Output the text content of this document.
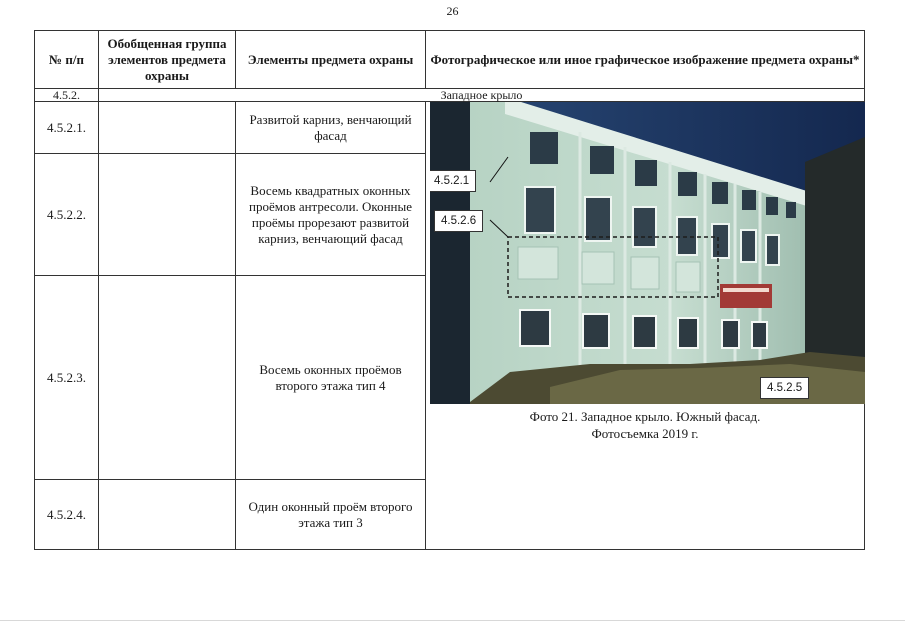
26
№ п/п	Обобщенная группа элементов предмета охраны	Элементы предмета охраны	Фотографическое или иное графическое изображение предмета охраны*
4.5.2.	Западное крыло		
4.5.2.1.		Развитой карниз, венчающий фасад	4.5.2.1
4.5.2.6
4.5.2.5
Фото 21. Западное крыло. Южный фасад.
Фотосъемка 2019 г.

4.5.2.2.		Восемь квадратных оконных проёмов антресоли. Оконные проёмы прорезают развитой карниз, венчающий фасад	
4.5.2.3.		Восемь оконных проёмов второго этажа тип 4	
4.5.2.4.		Один оконный проём второго этажа тип 3	
